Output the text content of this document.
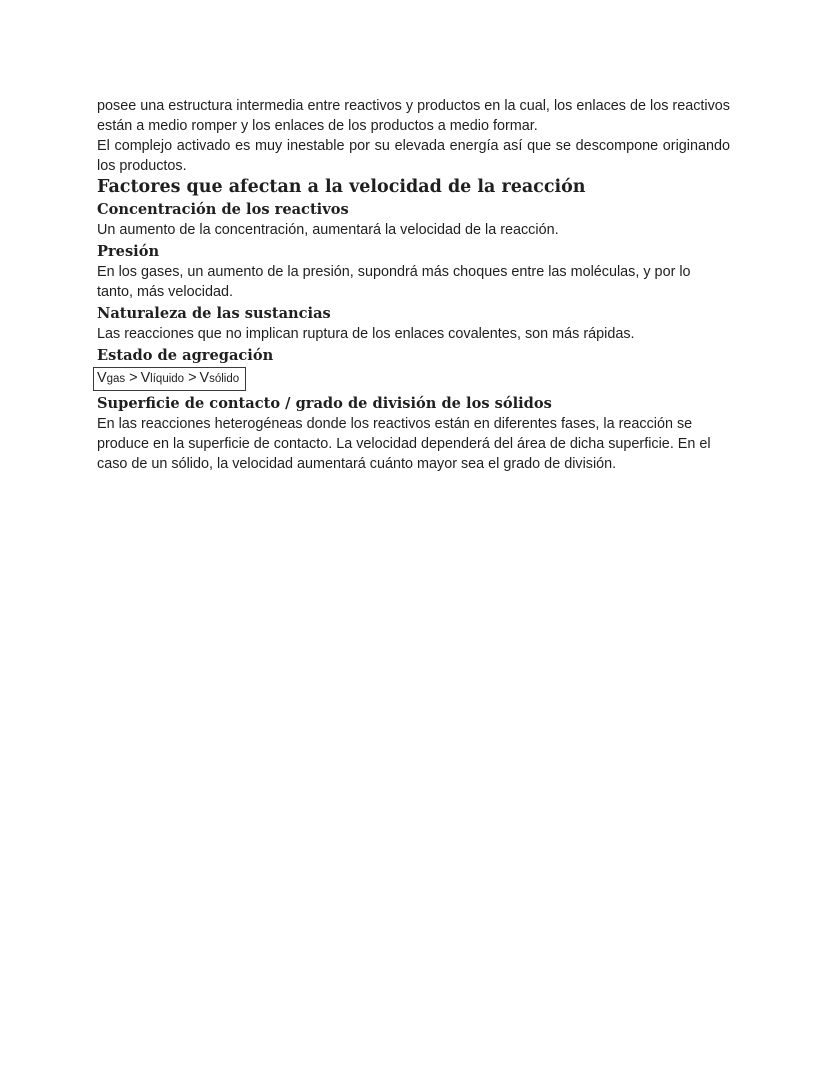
posee una estructura intermedia entre reactivos y productos en la cual, los enlaces de los reactivos están a medio romper y los enlaces de los productos a medio formar.

El complejo activado es muy inestable por su elevada energía así que se descompone originando los productos.

Factores que afectan a la velocidad de la reacción
Concentración de los reactivos

Un aumento de la concentración, aumentará la velocidad de la reacción.

Presión

En los gases, un aumento de la presión, supondrá más choques entre las moléculas, y por lo tanto, más velocidad.

Naturaleza de las sustancias

Las reacciones que no implican ruptura de los enlaces covalentes, son más rápidas.

Estado de agregación
Vgas > Vlíquido > Vsólido
Superficie de contacto / grado de división de los sólidos

En las reacciones heterogéneas donde los reactivos están en diferentes fases, la reacción se produce en la superficie de contacto. La velocidad dependerá del área de dicha superficie. En el caso de un sólido, la velocidad aumentará cuánto mayor sea el grado de división.
